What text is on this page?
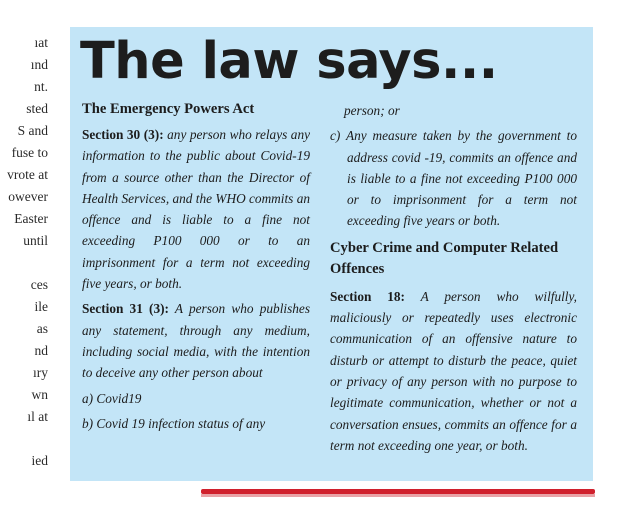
ıat
ınd
nt.
sted
S and
fuse to
vrote at
owever
Easter
until
ces
ile
as
nd
ıry
wn
ıl at
ied
The law says...

The Emergency Powers Act

Section 30 (3): any person who relays any information to the public about Covid-19 from a source other than the Director of Health Services, and the WHO commits an offence and is liable to a fine not exceeding P100 000 or to an imprisonment for a term not exceeding five years, or both.

Section 31 (3): A person who publishes any statement, through any medium, including social media, with the intention to deceive any other person about

a) Covid19

b) Covid 19 infection status of any

person; or

c) Any measure taken by the government to address covid -19, commits an offence and is liable to a fine not exceeding P100 000 or to imprisonment for a term not exceeding five years or both.

Cyber Crime and Computer Related Offences

Section 18: A person who wilfully, maliciously or repeatedly uses electronic communication of an offensive nature to disturb or attempt to disturb the peace, quiet or privacy of any person with no purpose to legitimate communication, whether or not a conversation ensues, commits an offence for a term not exceeding one year, or both.
